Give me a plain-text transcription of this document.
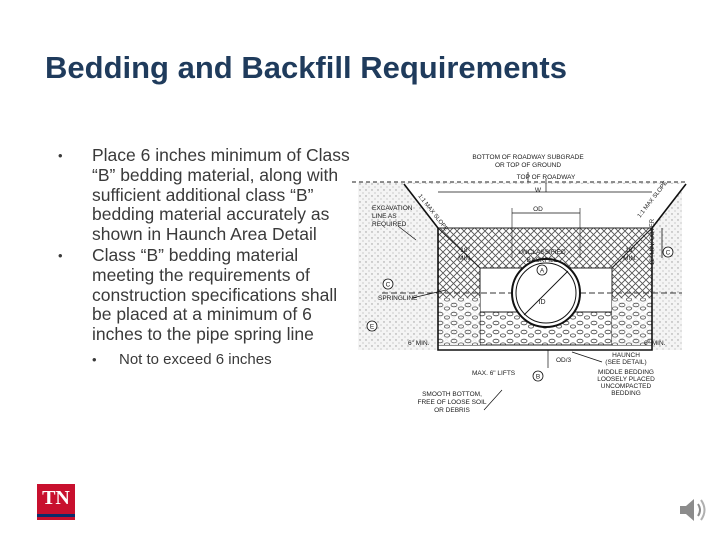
Bedding and Backfill Requirements
• Place 6 inches minimum of Class “B” bedding material, along with sufficient additional class “B” bedding material accurately as shown in Haunch Area Detail
• Class “B” bedding material meeting the requirements of construction specifications shall be placed at a minimum of 6 inches to the pipe spring line
• Not to exceed 6 inches
BOTTOM OF ROADWAY SUBGRADE
OR TOP OF GROUND
TOP OF ROADWAY
W
OD
EXCAVATION
LINE AS
REQUIRED 1:1 MAX SLOPE	1:1 MAX SLOPE
12" MIN. COVER C
UNCLASSIFIED
BACKFILL
A
C
SPRINGLINE
ID
E
18"
MIN.
18"
MIN.
6" MIN.	6" MIN.
OD/3
MAX. 6" LIFTS	B
HAUNCH
(SEE DETAIL)
MIDDLE BEDDING
LOOSELY PLACED
UNCOMPACTED
BEDDING
SMOOTH BOTTOM,
FREE OF LOOSE SOIL
OR DEBRIS
TN
